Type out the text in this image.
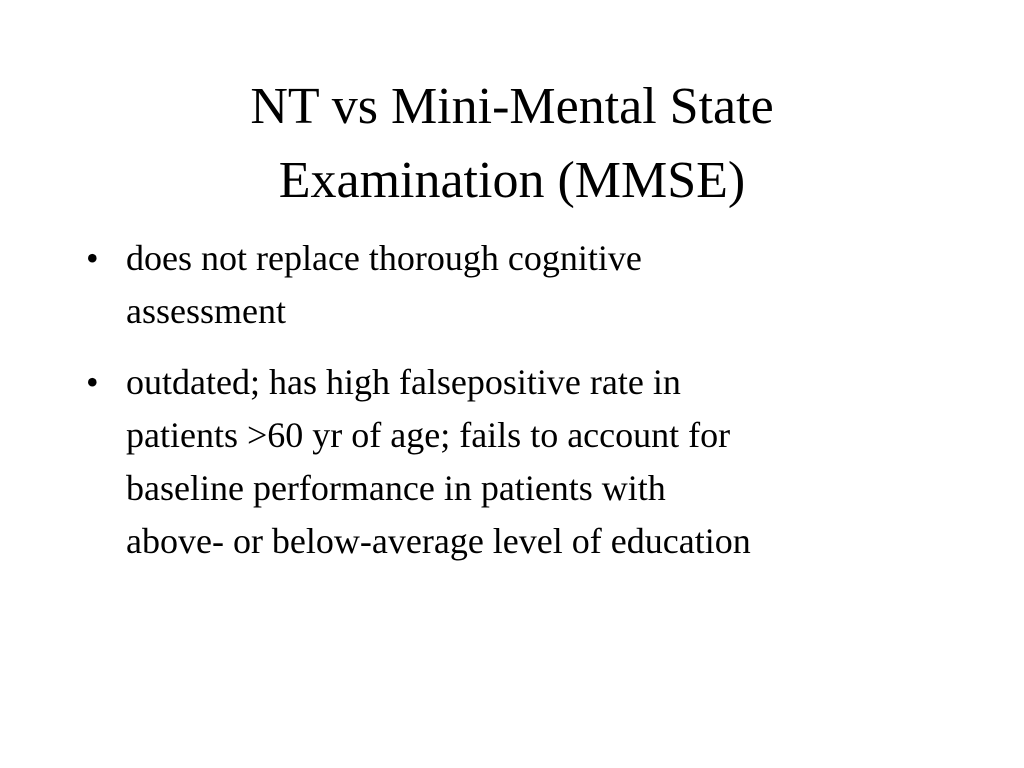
NT vs Mini-Mental State
Examination (MMSE)
• does not replace thorough cognitive
assessment
• outdated; has high falsepositive rate in
patients >60 yr of age; fails to account for
baseline performance in patients with
above- or below-average level of education
